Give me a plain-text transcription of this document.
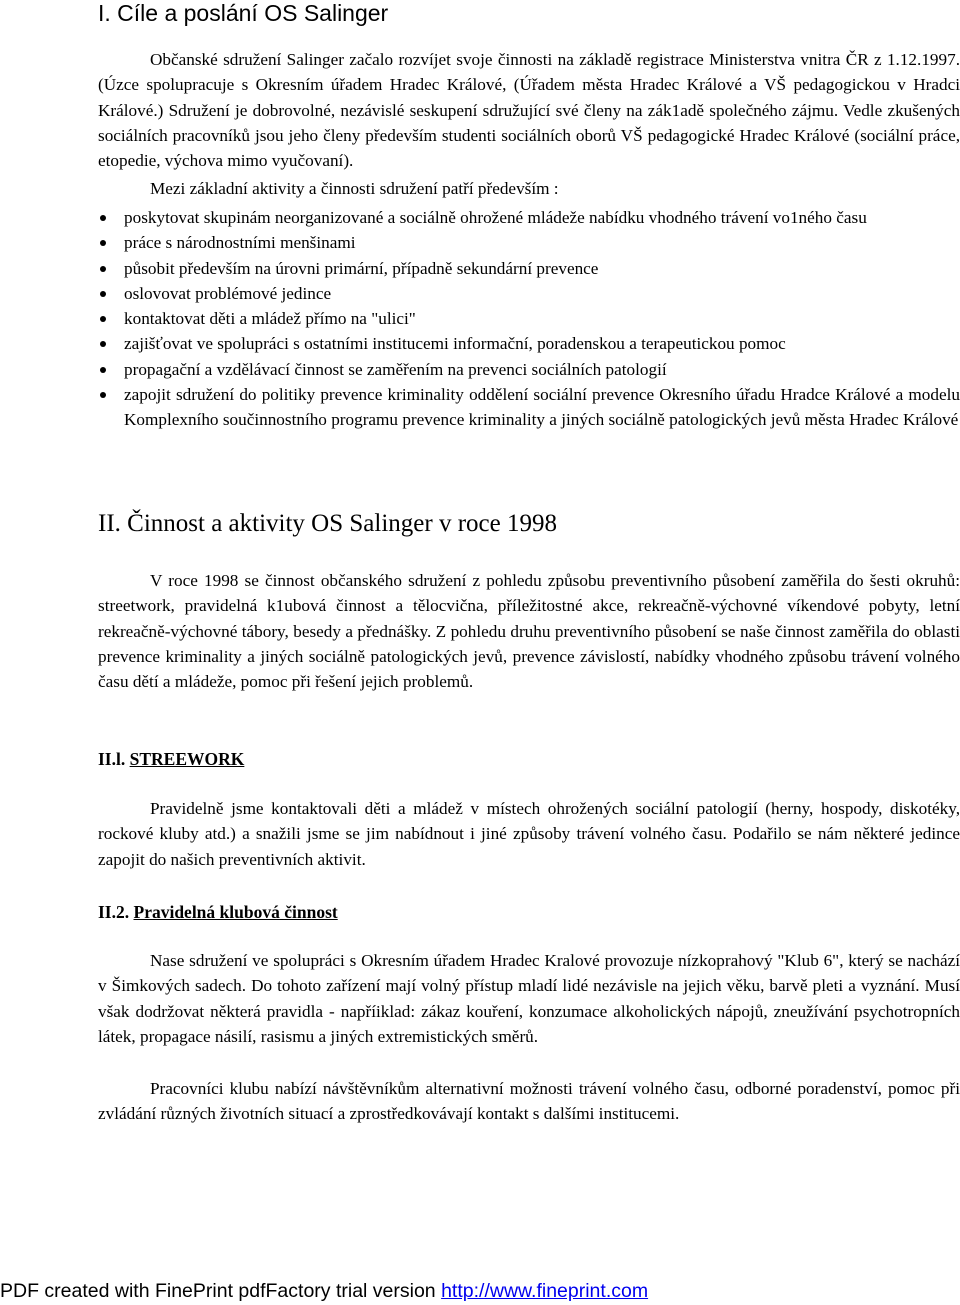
I. Cíle a poslání OS Salinger

Občanské sdružení Salinger začalo rozvíjet svoje činnosti na základě registrace Ministerstva vnitra ČR z 1.12.1997. (Úzce spolupracuje s Okresním úřadem Hradec Králové, (Úřadem města Hradec Králové a VŠ pedagogickou v Hradci Králové.) Sdružení je dobrovolné, nezávislé seskupení sdružující své členy na zák1adě společného zájmu. Vedle zkušených sociálních pracovníků jsou jeho členy především studenti sociálních oborů VŠ pedagogické Hradec Králové (sociální práce, etopedie, výchova mimo vyučovaní).

Mezi základní aktivity a činnosti sdružení patří především :

poskytovat skupinám neorganizované a sociálně ohrožené mládeže nabídku vhodného trávení vo1ného času
práce s národnostními menšinami
působit především na úrovni primární, případně sekundární prevence
oslovovat problémové jedince
kontaktovat děti a mládež přímo na "ulici"
zajišťovat ve spolupráci s ostatními institucemi informační, poradenskou a terapeutickou pomoc
propagační a vzdělávací činnost se zaměřením na prevenci sociálních patologií
zapojit sdružení do politiky prevence kriminality oddělení sociální prevence Okresního úřadu Hradce Králové a modelu Komplexního součinnostního programu prevence kriminality a jiných sociálně patologických jevů města Hradec Králové
II. Činnost a aktivity OS Salinger v roce 1998

V roce 1998 se činnost občanského sdružení z pohledu způsobu preventivního působení zaměřila do šesti okruhů: streetwork, pravidelná k1ubová činnost a tělocvična, příležitostné akce, rekreačně-výchovné víkendové pobyty, letní rekreačně-výchovné tábory, besedy a přednášky. Z pohledu druhu preventivního působení se naše činnost zaměřila do oblasti prevence kriminality a jiných sociálně patologických jevů, prevence závislostí, nabídky vhodného způsobu trávení volného času dětí a mládeže, pomoc při řešení jejich problemů.

II.l. STREEWORK

Pravidelně jsme kontaktovali děti a mládež v místech ohrožených sociální patologií (herny, hospody, diskotéky, rockové kluby atd.) a snažili jsme se jim nabídnout i jiné způsoby trávení volného času. Podařilo se nám některé jedince zapojit do našich preventivních aktivit.

II.2. Pravidelná klubová činnost

Nase sdružení ve spolupráci s Okresním úřadem Hradec Kralové provozuje nízkoprahový "Klub 6", který se nachází v Šimkových sadech. Do tohoto zařízení mají volný přístup mladí lidé nezávisle na jejich věku, barvě pleti a vyznání. Musí však dodržovat některá pravidla - napříiklad: zákaz kouření, konzumace alkoholických nápojů, zneužívání psychotropních látek, propagace násilí, rasismu a jiných extremistických směrů.

Pracovníci klubu nabízí návštěvníkům alternativní možnosti trávení volného času, odborné poradenství, pomoc při zvládání různých životních situací a zprostředkovávají kontakt s dalšími institucemi.

PDF created with FinePrint pdfFactory trial version http://www.fineprint.com
